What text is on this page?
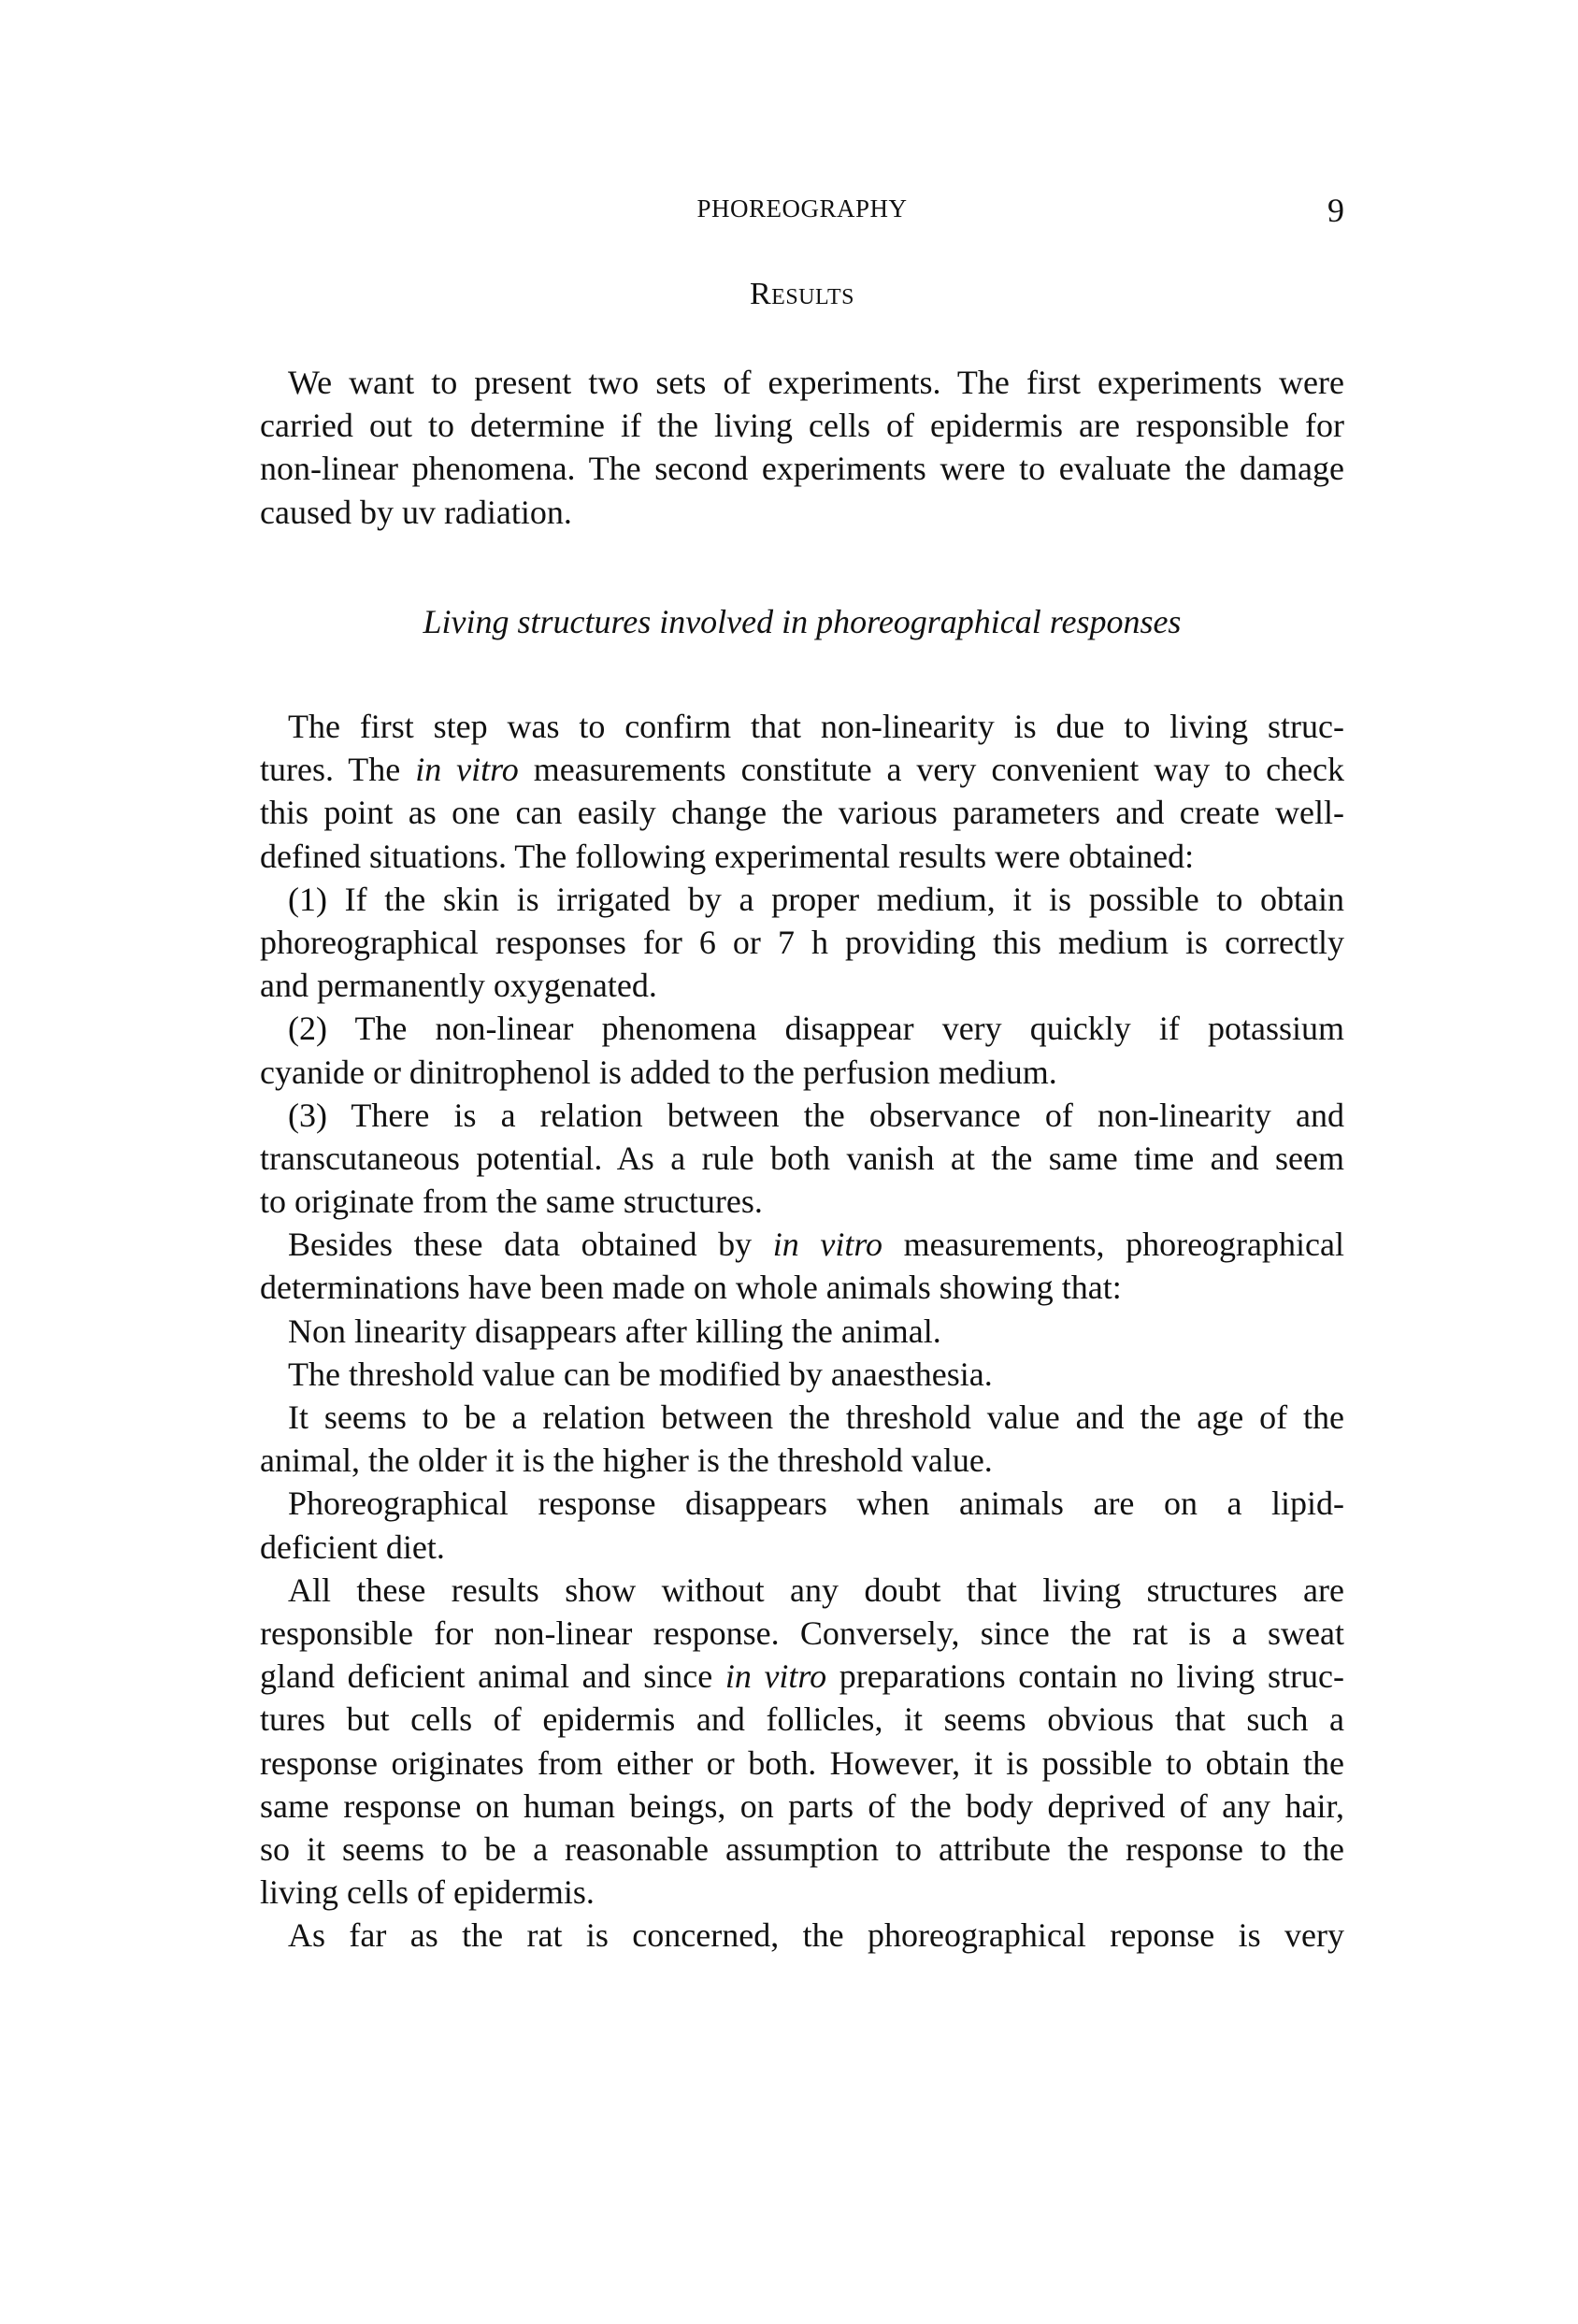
PHOREOGRAPHY	9
Results
We want to present two sets of experiments. The first experiments were
carried out to determine if the living cells of epidermis are responsible for
non-linear phenomena. The second experiments were to evaluate the damage
caused by uv radiation.
Living structures involved in phoreographical responses
The first step was to confirm that non-linearity is due to living struc-
tures. The in vitro measurements constitute a very convenient way to check
this point as one can easily change the various parameters and create well-
defined situations. The following experimental results were obtained:
(1) If the skin is irrigated by a proper medium, it is possible to obtain
phoreographical responses for 6 or 7 h providing this medium is correctly
and permanently oxygenated.
(2) The non-linear phenomena disappear very quickly if potassium
cyanide or dinitrophenol is added to the perfusion medium.
(3) There is a relation between the observance of non-linearity and
transcutaneous potential. As a rule both vanish at the same time and seem
to originate from the same structures.
Besides these data obtained by in vitro measurements, phoreographical
determinations have been made on whole animals showing that:
Non linearity disappears after killing the animal.
The threshold value can be modified by anaesthesia.
It seems to be a relation between the threshold value and the age of the
animal, the older it is the higher is the threshold value.
Phoreographical response disappears when animals are on a lipid-
deficient diet.
All these results show without any doubt that living structures are
responsible for non-linear response. Conversely, since the rat is a sweat
gland deficient animal and since in vitro preparations contain no living struc-
tures but cells of epidermis and follicles, it seems obvious that such a
response originates from either or both. However, it is possible to obtain the
same response on human beings, on parts of the body deprived of any hair,
so it seems to be a reasonable assumption to attribute the response to the
living cells of epidermis.
As far as the rat is concerned, the phoreographical reponse is very
